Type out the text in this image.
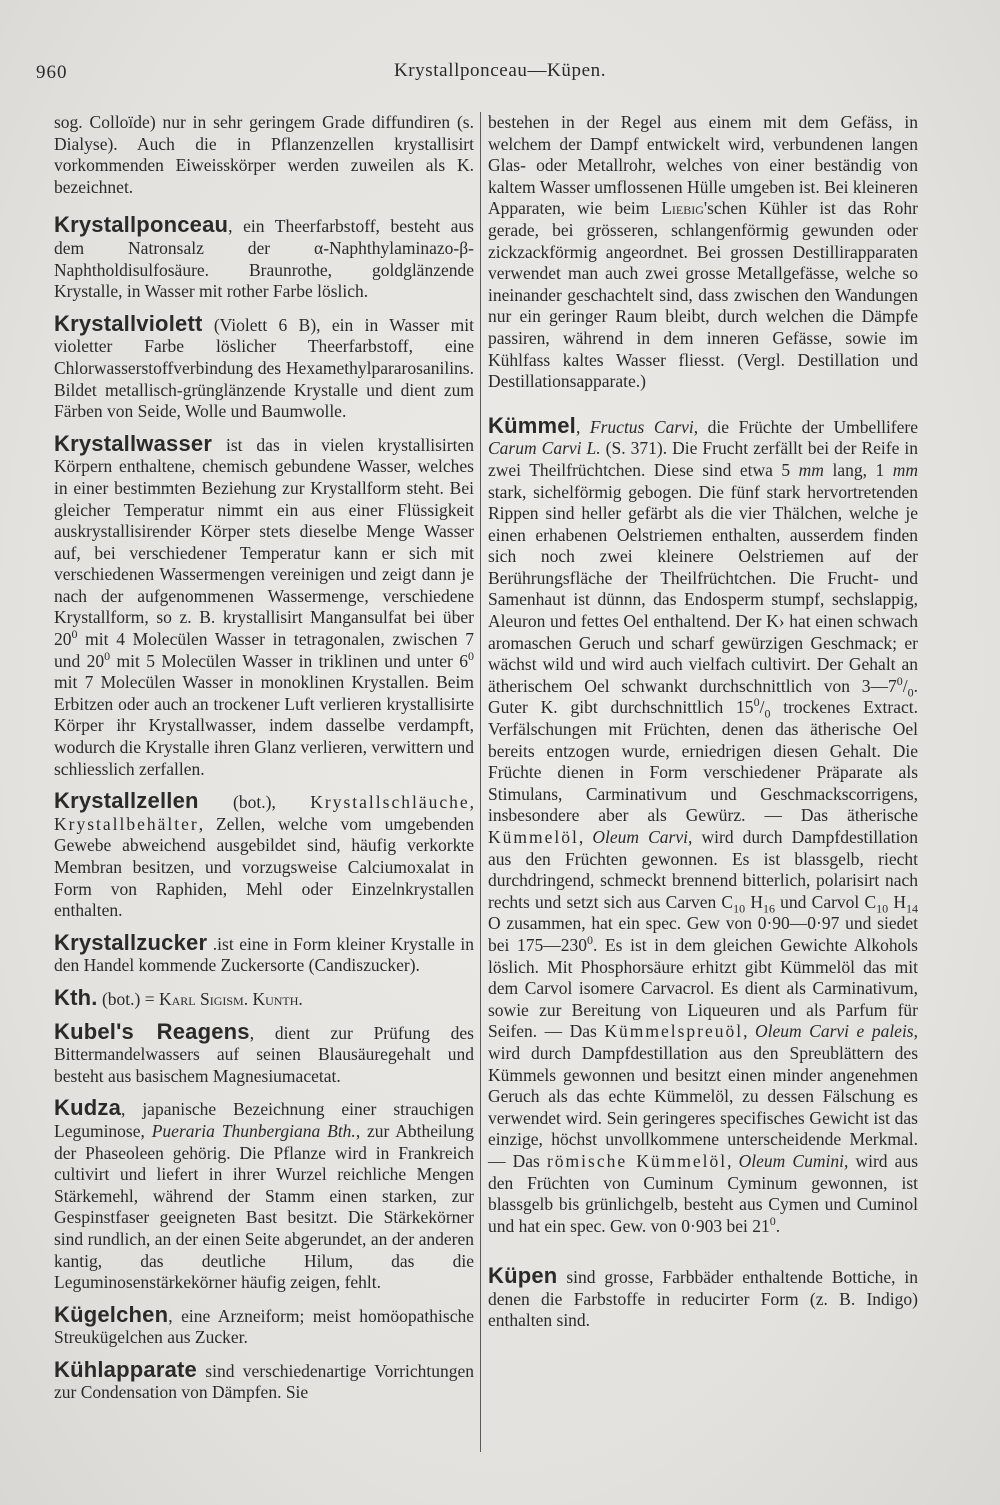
960	Krystallponceau—Küpen.

sog. Colloïde) nur in sehr geringem Grade diffundiren (s. Dialyse). Auch die in Pflanzenzellen krystallisirt vorkommenden Eiweisskörper werden zuweilen als K. bezeichnet.

Krystallponceau, ein Theerfarbstoff, besteht aus dem Natronsalz der α-Naphthylaminazo-β-Naphtholdisulfosäure. Braunrothe, goldglänzende Krystalle, in Wasser mit rother Farbe löslich.

Krystallviolett (Violett 6 B), ein in Wasser mit violetter Farbe löslicher Theerfarbstoff, eine Chlorwasserstoffverbindung des Hexamethylpararosanilins. Bildet metallisch-grünglänzende Krystalle und dient zum Färben von Seide, Wolle und Baumwolle.

Krystallwasser ist das in vielen krystallisirten Körpern enthaltene, chemisch gebundene Wasser, welches in einer bestimmten Beziehung zur Krystallform steht. Bei gleicher Temperatur nimmt ein aus einer Flüssigkeit auskrystallisirender Körper stets dieselbe Menge Wasser auf, bei verschiedener Temperatur kann er sich mit verschiedenen Wassermengen vereinigen und zeigt dann je nach der aufgenommenen Wassermenge, verschiedene Krystallform, so z. B. krystallisirt Mangansulfat bei über $20^0$ mit 4 Molecülen Wasser in tetragonalen, zwischen 7 und $20^0$ mit 5 Molecülen Wasser in triklinen und unter $6^0$ mit 7 Molecülen Wasser in monoklinen Krystallen. Beim Erbitzen oder auch an trockener Luft verlieren krystallisirte Körper ihr Krystallwasser, indem dasselbe verdampft, wodurch die Krystalle ihren Glanz verlieren, verwittern und schliesslich zerfallen.

Krystallzellen (bot.), Krystallschläuche, Krystallbehälter, Zellen, welche vom umgebenden Gewebe abweichend ausgebildet sind, häufig verkorkte Membran besitzen, und vorzugsweise Calciumoxalat in Form von Raphiden, Mehl oder Einzelnkrystallen enthalten.

Krystallzucker .ist eine in Form kleiner Krystalle in den Handel kommende Zuckersorte (Candiszucker).

Kth. (bot.) = Karl Sigism. Kunth.

Kubel's Reagens, dient zur Prüfung des Bittermandelwassers auf seinen Blausäuregehalt und besteht aus basischem Magnesiumacetat.

Kudza, japanische Bezeichnung einer strauchigen Leguminose, Pueraria Thunbergiana Bth., zur Abtheilung der Phaseoleen gehörig. Die Pflanze wird in Frankreich cultivirt und liefert in ihrer Wurzel reichliche Mengen Stärkemehl, während der Stamm einen starken, zur Gespinstfaser geeigneten Bast besitzt. Die Stärkekörner sind rundlich, an der einen Seite abgerundet, an der anderen kantig, das deutliche Hilum, das die Leguminosenstärkekörner häufig zeigen, fehlt.

Kügelchen, eine Arzneiform; meist homöopathische Streukügelchen aus Zucker.

Kühlapparate sind verschiedenartige Vorrichtungen zur Condensation von Dämpfen. Sie

bestehen in der Regel aus einem mit dem Gefäss, in welchem der Dampf entwickelt wird, verbundenen langen Glas- oder Metallrohr, welches von einer beständig von kaltem Wasser umflossenen Hülle umgeben ist. Bei kleineren Apparaten, wie beim Liebig'schen Kühler ist das Rohr gerade, bei grösseren, schlangenförmig gewunden oder zickzackförmig angeordnet. Bei grossen Destillirapparaten verwendet man auch zwei grosse Metallgefässe, welche so ineinander geschachtelt sind, dass zwischen den Wandungen nur ein geringer Raum bleibt, durch welchen die Dämpfe passiren, während in dem inneren Gefässe, sowie im Kühlfass kaltes Wasser fliesst. (Vergl. Destillation und Destillationsapparate.)

Kümmel, Fructus Carvi, die Früchte der Umbellifere Carum Carvi L. (S. 371). Die Frucht zerfällt bei der Reife in zwei Theilfrüchtchen. Diese sind etwa 5 mm lang, 1 mm stark, sichelförmig gebogen. Die fünf stark hervortretenden Rippen sind heller gefärbt als die vier Thälchen, welche je einen erhabenen Oelstriemen enthalten, ausserdem finden sich noch zwei kleinere Oelstriemen auf der Berührungsfläche der Theilfrüchtchen. Die Frucht- und Samenhaut ist dünnn, das Endosperm stumpf, sechslappig, Aleuron und fettes Oel enthaltend. Der K› hat einen schwach aromaschen Geruch und scharf gewürzigen Geschmack; er wächst wild und wird auch vielfach cultivirt. Der Gehalt an ätherischem Oel schwankt durchschnittlich von $3—7^0/_0$. Guter K. gibt durchschnittlich $15^0/_0$ trockenes Extract. Verfälschungen mit Früchten, denen das ätherische Oel bereits entzogen wurde, erniedrigen diesen Gehalt. Die Früchte dienen in Form verschiedener Präparate als Stimulans, Carminativum und Geschmackscorrigens, insbesondere aber als Gewürz. — Das ätherische Kümmelöl, Oleum Carvi, wird durch Dampfdestillation aus den Früchten gewonnen. Es ist blassgelb, riecht durchdringend, schmeckt brennend bitterlich, polarisirt nach rechts und setzt sich aus Carven $C_{10}$ $H_{16}$ und Carvol $C_{10}$ $H_{14}$ O zusammen, hat ein spec. Gew von 0·90—0·97 und siedet bei $175—230^0$. Es ist in dem gleichen Gewichte Alkohols löslich. Mit Phosphorsäure erhitzt gibt Kümmelöl das mit dem Carvol isomere Carvacrol. Es dient als Carminativum, sowie zur Bereitung von Liqueuren und als Parfum für Seifen. — Das Kümmelspreuöl, Oleum Carvi e paleis, wird durch Dampfdestillation aus den Spreublättern des Kümmels gewonnen und besitzt einen minder angenehmen Geruch als das echte Kümmelöl, zu dessen Fälschung es verwendet wird. Sein geringeres specifisches Gewicht ist das einzige, höchst unvollkommene unterscheidende Merkmal. — Das römische Kümmelöl, Oleum Cumini, wird aus den Früchten von Cuminum Cyminum gewonnen, ist blassgelb bis grünlichgelb, besteht aus Cymen und Cuminol und hat ein spec. Gew. von 0·903 bei $21^0$.

Küpen sind grosse, Farbbäder enthaltende Bottiche, in denen die Farbstoffe in reducirter Form (z. B. Indigo) enthalten sind.
